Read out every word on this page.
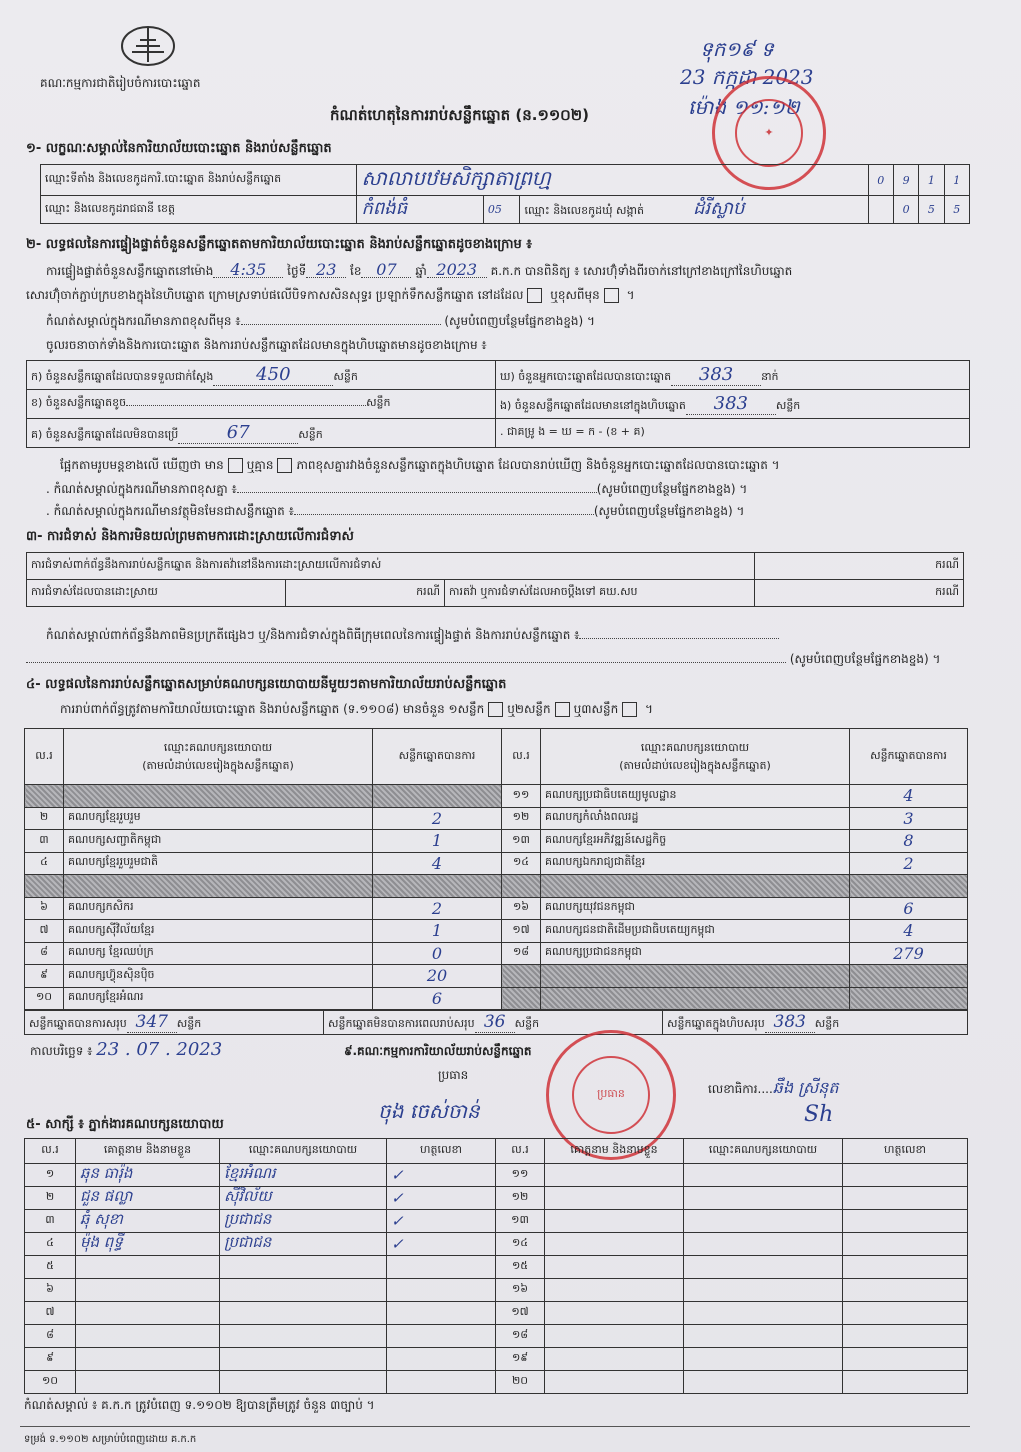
គណៈកម្មការជាតិរៀបចំការបោះឆ្នោត
កំណត់ហេតុនៃការរាប់សន្លឹកឆ្នោត (ន.១១០២)
ទុក១៩ ទ
23 កក្កដា 2023
ម៉ោង ១១:១២
✦
១- លក្ខណៈសម្គាល់នៃការិយាល័យបោះឆ្នោត និងរាប់សន្លឹកឆ្នោត
ឈ្មោះទីតាំង និងលេខកូដការិ.បោះឆ្នោត និងរាប់សន្លឹកឆ្នោត	សាលាបឋមសិក្សាតាព្រហ្ម			0	9	1	1
ឈ្មោះ និងលេខកូដរាជធានី ខេត្ត	កំពង់ធំ	05	ឈ្មោះ និងលេខកូដឃុំ សង្កាត់ ដំរីស្លាប់		0	5	5
២- លទ្ធផលនៃការផ្ទៀងផ្ទាត់ចំនួនសន្លឹកឆ្នោតតាមការិយាល័យបោះឆ្នោត និងរាប់សន្លឹកឆ្នោតដូចខាងក្រោម ៖
ការផ្ទៀងផ្ទាត់ចំនួនសន្លឹកឆ្នោតនៅម៉ោង 4:35 ថ្ងៃទី 23 ខែ 07 ឆ្នាំ 2023 គ.ក.ក បានពិនិត្យ ៖ សោរហ៊ុំទាំងពីរចាក់នៅក្រៅខាងក្រៅនៃហិបឆ្នោត
សោរហ៊ុំចាក់ភ្ជាប់ក្របខាងក្នុងនៃហិបឆ្នោត ក្រោមស្រទាប់ផលើបិទកាសសិនសុទ្ធរ ប្រឡាក់ទឹកសន្លឹកឆ្នោត នៅដដែល ឬខុសពីមុន ។
កំណត់សម្គាល់ក្នុងករណីមានភាពខុសពីមុន ៖	(សូមបំពេញបន្ថែមផ្នែកខាងខ្នង) ។
ចូលរចនាចាក់ទាំងនិងការបោះឆ្នោត និងការរាប់សន្លឹកឆ្នោតដែលមានក្នុងហិបឆ្នោតមានដូចខាងក្រោម ៖
ក) ចំនួនសន្លឹកឆ្នោតដែលបានទទួលជាក់ស្ដែង 450 សន្លឹក	ឃ) ចំនួនអ្នកបោះឆ្នោតដែលបានបោះឆ្នោត 383 នាក់
ខ) ចំនួនសន្លឹកឆ្នោតខូច សន្លឹក	ង) ចំនួនសន្លឹកឆ្នោតដែលមាននៅក្នុងហិបឆ្នោត 383 សន្លឹក
គ) ចំនួនសន្លឹកឆ្នោតដែលមិនបានប្រើ 67 សន្លឹក	. ជាគម្រូ ង = ឃ = ក - (ខ + គ)
ផ្អែកតាមរូបមន្តខាងលើ ឃើញថា មាន ឬគ្មាន ភាពខុសគ្នារវាងចំនួនសន្លឹកឆ្នោតក្នុងហិបឆ្នោត ដែលបានរាប់ឃើញ និងចំនួនអ្នកបោះឆ្នោតដែលបានបោះឆ្នោត ។
. កំណត់សម្គាល់ក្នុងករណីមានភាពខុសគ្នា ៖	(សូមបំពេញបន្ថែមផ្នែកខាងខ្នង) ។
. កំណត់សម្គាល់ក្នុងករណីមានវត្ថុមិនមែនជាសន្លឹកឆ្នោត ៖	(សូមបំពេញបន្ថែមផ្នែកខាងខ្នង) ។
៣- ការជំទាស់ និងការមិនយល់ព្រមតាមការដោះស្រាយលើការជំទាស់
ការជំទាស់ពាក់ព័ន្ធនឹងការរាប់សន្លឹកឆ្នោត និងការតវ៉ានៅនឹងការដោះស្រាយលើការជំទាស់			ករណី
ការជំទាស់ដែលបានដោះស្រាយ	ករណី	ការតវ៉ា ឬការជំទាស់ដែលអាចប្ដឹងទៅ គឃ.សប	ករណី
កំណត់សម្គាល់ពាក់ព័ន្ធនឹងភាពមិនប្រក្រតីផ្សេងៗ ឬ/និងការជំទាស់ក្នុងពិធីក្រុមពេលនៃការផ្ទៀងផ្ទាត់ និងការរាប់សន្លឹកឆ្នោត ៖
(សូមបំពេញបន្ថែមផ្នែកខាងខ្នង) ។
៤- លទ្ធផលនៃការរាប់សន្លឹកឆ្នោតសម្រាប់គណបក្សនយោបាយនីមួយៗតាមការិយាល័យរាប់សន្លឹកឆ្នោត
ការរាប់ពាក់ព័ន្ធត្រូវតាមការិយាល័យបោះឆ្នោត និងរាប់សន្លឹកឆ្នោត (ទ.១១០៨) មានចំនួន ១សន្លឹក ឬ២សន្លឹក ឬ៣សន្លឹក ។
ល.រ	ឈ្មោះគណបក្សនយោបាយ
(តាមលំដាប់លេខរៀងក្នុងសន្លឹកឆ្នោត)	សន្លឹកឆ្នោតបានការ	ល.រ	ឈ្មោះគណបក្សនយោបាយ
(តាមលំដាប់លេខរៀងក្នុងសន្លឹកឆ្នោត)	សន្លឹកឆ្នោតបានការ
			១១	គណបក្សប្រជាធិបតេយ្យមូលដ្ឋាន	4
២	គណបក្សខ្មែររួបរួម	2	១២	គណបក្សកំលាំងពលរដ្ឋ	3
៣	គណបក្សសញ្ជាតិកម្ពុជា	1	១៣	គណបក្សខ្មែរអភិវឌ្ឍន៍សេដ្ឋកិច្ច	8
៤	គណបក្សខ្មែររួបរួមជាតិ	4	១៤	គណបក្សឯករាជ្យជាតិខ្មែរ	2

៦	គណបក្សកសិករ	2	១៦	គណបក្សយុវជនកម្ពុជា	6
៧	គណបក្សស៊ីវិល័យខ្មែរ	1	១៧	គណបក្សជនជាតិដើមប្រជាធិបតេយ្យកម្ពុជា	4
៨	គណបក្ស ខ្មែរឈប់ក្រ	0	១៨	គណបក្សប្រជាជនកម្ពុជា	279
៩	គណបក្សហ៊្វុនស៊ិនប៉ិច	20			
១០	គណបក្សខ្មែរអំណរ	6			
សន្លឹកឆ្នោតបានការសរុប 347 សន្លឹក	សន្លឹកឆ្នោតមិនបានការពេលរាប់សរុប 36 សន្លឹក	សន្លឹកឆ្នោតក្នុងហិបសរុប 383 សន្លឹក
កាលបរិច្ឆេទ ៖ 23 . 07 . 2023	៩.គណៈកម្មការការិយាល័យរាប់សន្លឹកឆ្នោត
ប្រធាន
ចុង ចេស់ចាន់
ប្រធាន	លេខាធិការ....ឆឹង ស្រីនុត
Sh
៥- សាក្សី ៖ ភ្នាក់ងារគណបក្សនយោបាយ
ល.រ	គោត្តនាម និងនាមខ្លួន	ឈ្មោះគណបក្សនយោបាយ	ហត្ថលេខា	ល.រ	គោត្តនាម និងនាមខ្លួន	ឈ្មោះគណបក្សនយោបាយ	ហត្ថលេខា
១	ឆុន ធារ៉ុង	ខ្មែរអំណរ	✓	១១			
២	ជួន ផល្លា	ស៊ីវិល័យ	✓	១២			
៣	ឆុំ សុខា	ប្រជាជន	✓	១៣			
៤	ម៉ុង ពុទ្ធី	ប្រជាជន	✓	១៤			
៥				១៥			
៦				១៦			
៧				១៧			
៨				១៨			
៩				១៩			
១០				២០			
កំណត់សម្គាល់ ៖ គ.ក.ក ត្រូវបំពេញ ទ.១១០២ ឱ្យបានត្រឹមត្រូវ ចំនួន ៣ច្បាប់ ។
ទម្រង់ ទ.១១០២ សម្រាប់បំពេញដោយ គ.ក.ក
